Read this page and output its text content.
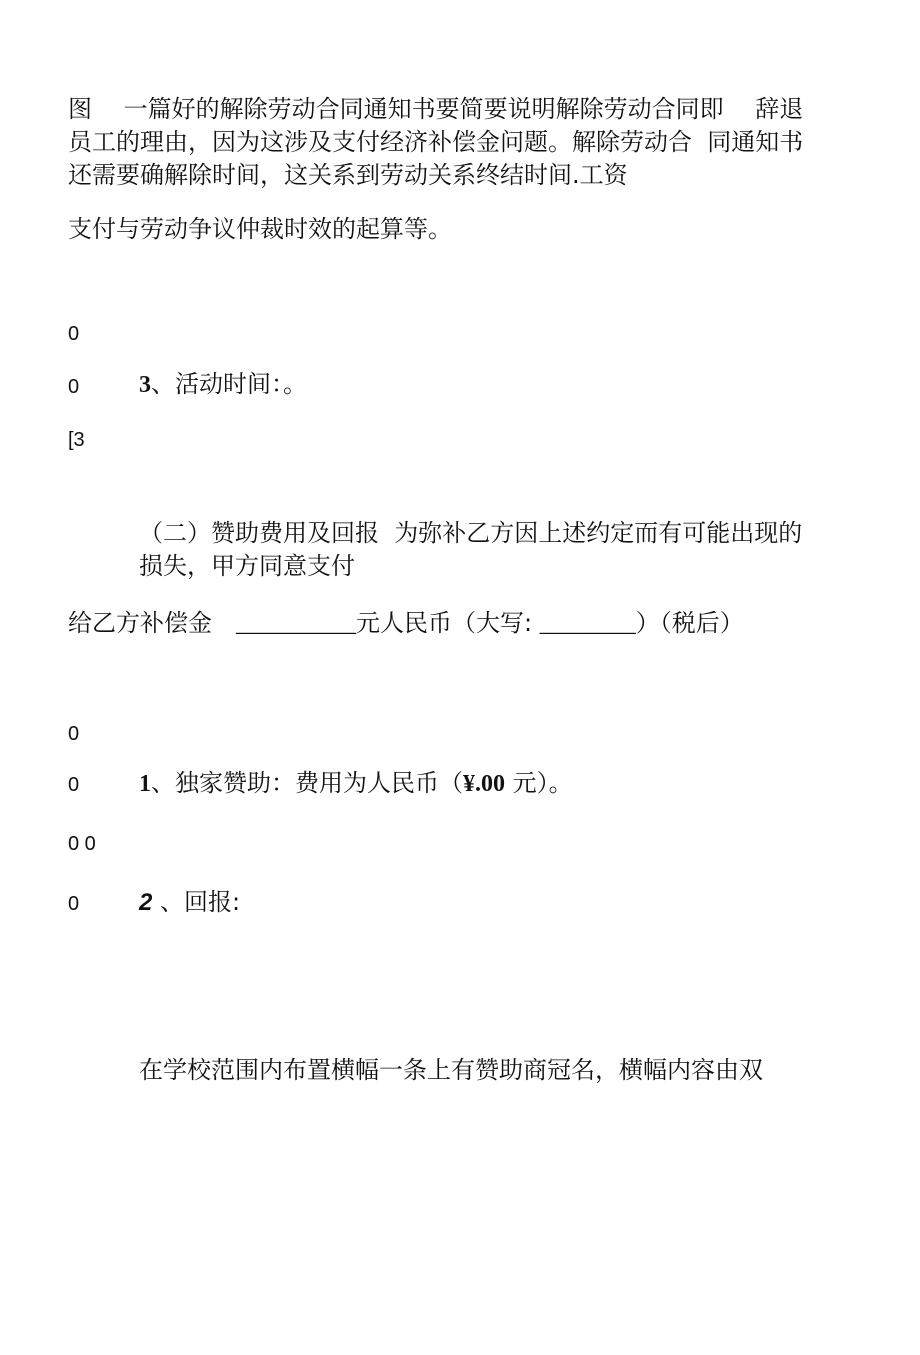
图　 一篇好的解除劳动合同通知书要简要说明解除劳动合同即　 辞退
员工的理由，因为这涉及支付经济补偿金问题。解除劳动合  同通知书
还需要确解除时间，这关系到劳动关系终结时间.工资
支付与劳动争议仲裁时效的起算等。
0
0 3、活动时间：。
[3
（二）赞助费用及回报  为弥补乙方因上述约定而有可能出现的
损失，甲方同意支付
给乙方补偿金　__________元人民币（大写: ________）（税后）
0
0 1、独家赞助：费用为人民币（¥.00 元）。
0 0
0 2 、回报:
在学校范围内布置横幅一条上有赞助商冠名，横幅内容由双
